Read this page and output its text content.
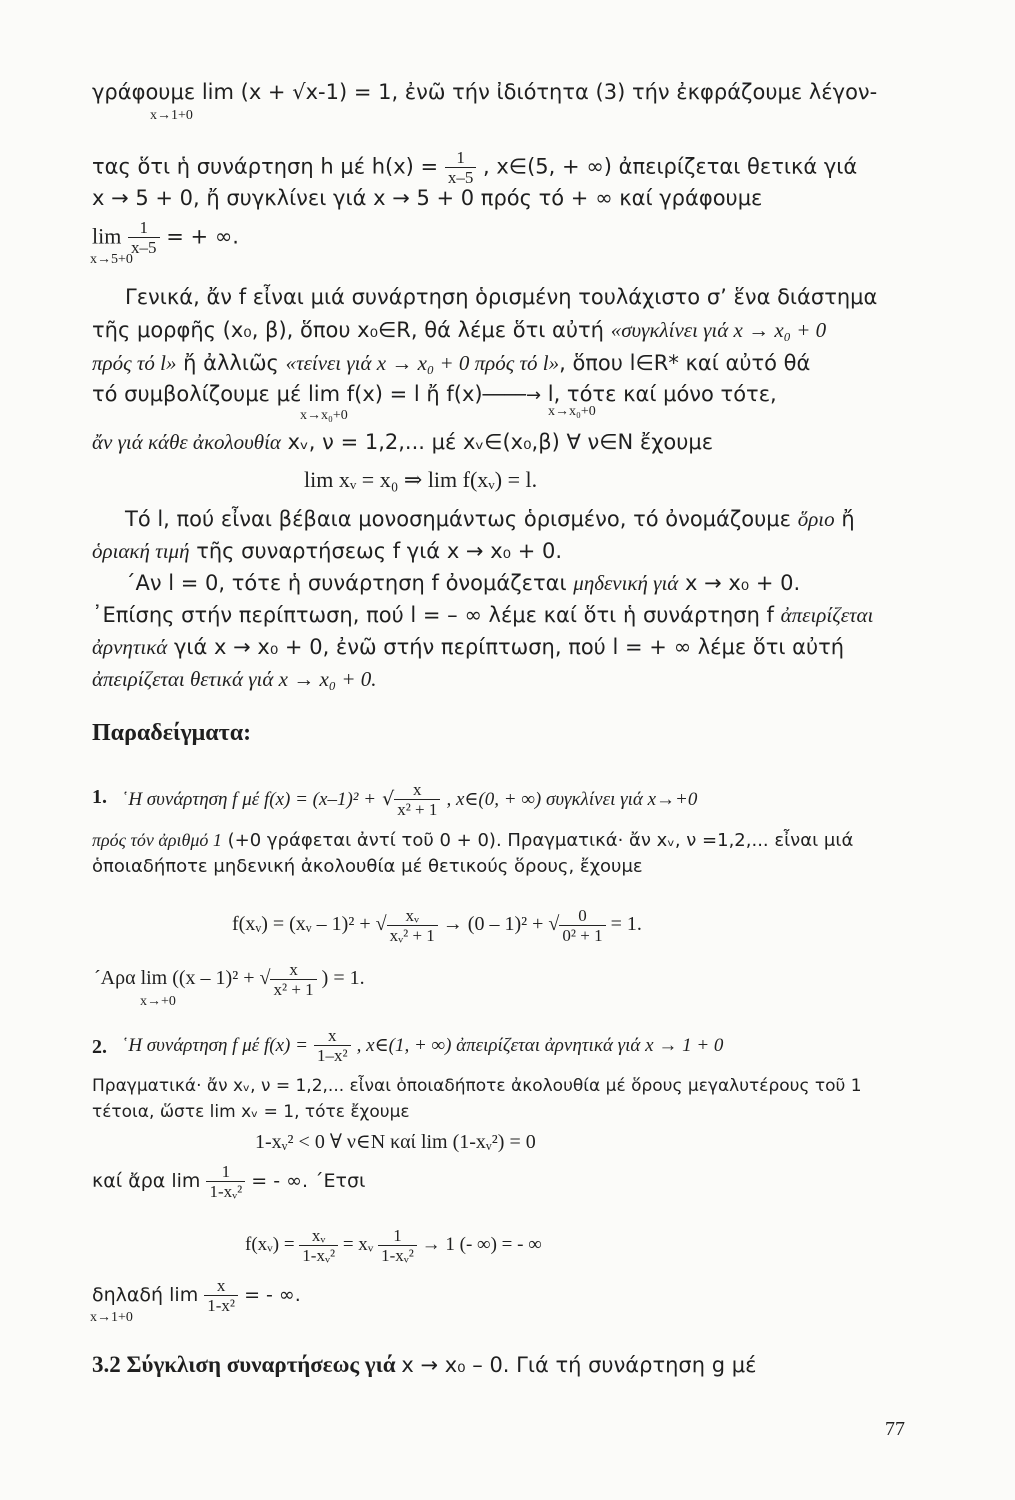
γράφουμε lim (x + √x‑1) = 1, ἐνῶ τήν ἰδιότητα (3) τήν ἐκφράζουμε λέγον-
x→1+0
τας ὅτι ἡ συνάρτηση h μέ $h(x) = \frac{1}{x-5}$ , x∈(5, + ∞) ἀπειρίζεται θετικά γιά
x → 5 + 0, ἤ συγκλίνει γιά x → 5 + 0 πρός τό + ∞ καί γράφουμε
$\lim \frac{1}{x-5}$ = + ∞.
x→5+0
Γενικά, ἄν f εἶναι μιά συνάρτηση ὁρισμένη τουλάχιστο σ’ ἕνα διάστημα
τῆς μορφῆς (x₀, β), ὅπου x₀∈R, θά λέμε ὅτι αὐτή «συγκλίνει γιά x → x₀ + 0
πρός τό l» ἤ ἀλλιῶς «τείνει γιά x → x₀ + 0 πρός τό l», ὅπου l∈R* καί αὐτό θά
τό συμβολίζουμε μέ lim f(x) = l ἤ f(x)────→ l, τότε καί μόνο τότε,
x→x₀+0	x→x₀+0
ἄν γιά κάθε ἀκολουθία xᵥ, ν = 1,2,... μέ xᵥ∈(x₀,β) ∀ ν∈N ἔχουμε
lim xᵥ = x₀ ⇒ lim f(xᵥ) = l.
Τό l, πού εἶναι βέβαια μονοσημάντως ὁρισμένο, τό ὀνομάζουμε ὅριο ἤ
ὁριακή τιμή τῆς συναρτήσεως f γιά x → x₀ + 0.
ˊΑν l = 0, τότε ἡ συνάρτηση f ὀνομάζεται μηδενική γιά x → x₀ + 0.
᾿Επίσης στήν περίπτωση, πού l = – ∞ λέμε καί ὅτι ἡ συνάρτηση f ἀπειρίζεται
ἀρνητικά γιά x → x₀ + 0, ἐνῶ στήν περίπτωση, πού l = + ∞ λέμε ὅτι αὐτή
ἀπειρίζεται θετικά γιά x → x₀ + 0.
Παραδείγματα:
1. ῾Η συνάρτηση f μέ f(x) = (x–1)² + √ $\frac{x}{\text{x² + 1}}$ , x∈(0, + ∞) συγκλίνει γιά x→+0
πρός τόν ἀριθμό 1 (+0 γράφεται ἀντί τοῦ 0 + 0). Πραγματικά· ἄν xᵥ, ν =1,2,... εἶναι μιά
ὁποιαδήποτε μηδενική ἀκολουθία μέ θετικούς ὅρους, ἔχουμε
f(xᵥ) = (xᵥ – 1)² + √ $\frac{\text{xᵥ}}{\text{xᵥ² + 1}} \to (0 - 1)^2$ + √ $\frac{0}{\text{0² + 1}} = 1$.
ˊΑρα lim ((x – 1)² + √ $\frac{x}{\text{x² + 1}}$ ) = 1.
x→+0
2. ῾Η συνάρτηση f μέ $f(x) = \frac{x}{\text{1–x²}}$ , x∈(1, + ∞) ἀπειρίζεται ἀρνητικά γιά x → 1 + 0
Πραγματικά· ἄν xᵥ, ν = 1,2,... εἶναι ὁποιαδήποτε ἀκολουθία μέ ὅρους μεγαλυτέρους τοῦ 1
τέτοια, ὥστε lim xᵥ = 1, τότε ἔχουμε
1-xᵥ² < 0 ∀ ν∈N καί lim (1-xᵥ²) = 0
καί ἄρα $\lim \frac{1}{\text{1-xᵥ²}}$ = - ∞. ˊΕτσι
f(xᵥ) = $\frac{\text{xᵥ}}{\text{1-xᵥ²}}$ = xᵥ $\frac{1}{\text{1-xᵥ²}} \to 1$ (- ∞) = - ∞
δηλαδή $\lim \frac{x}{\text{1-x²}}$ = - ∞.
x→1+0
3.2 Σύγκλιση συναρτήσεως γιά x → x₀ – 0. Γιά τή συνάρτηση g μέ
77
